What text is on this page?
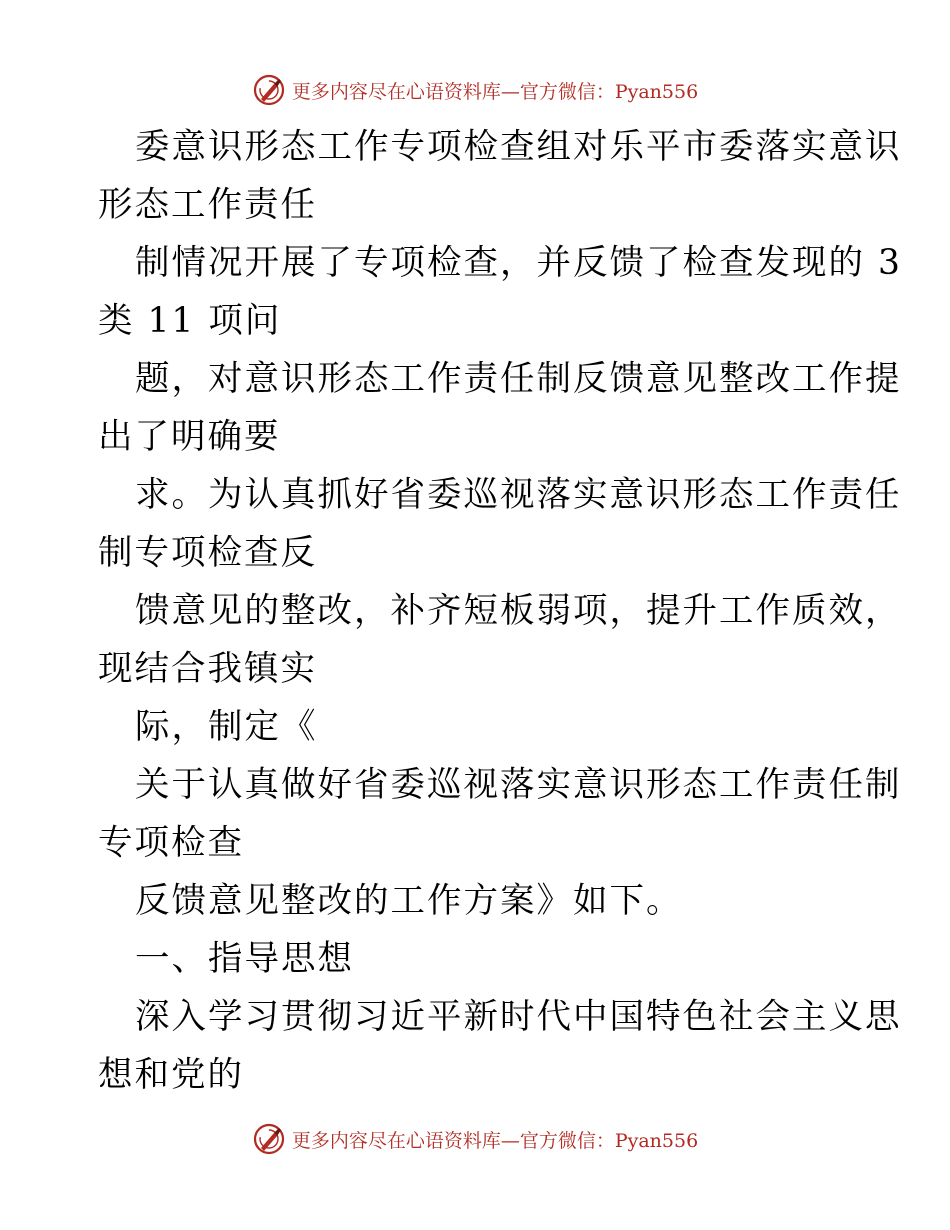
更多内容尽在心语资料库—官方微信：Pyan556
委意识形态工作专项检查组对乐平市委落实意识
形态工作责任
制情况开展了专项检查，并反馈了检查发现的 3
类 11 项问
题，对意识形态工作责任制反馈意见整改工作提
出了明确要
求。为认真抓好省委巡视落实意识形态工作责任
制专项检查反
馈意见的整改，补齐短板弱项，提升工作质效，
现结合我镇实
际，制定《
关于认真做好省委巡视落实意识形态工作责任制
专项检查
反馈意见整改的工作方案》如下。
一、指导思想
深入学习贯彻习近平新时代中国特色社会主义思
想和党的
更多内容尽在心语资料库—官方微信：Pyan556
